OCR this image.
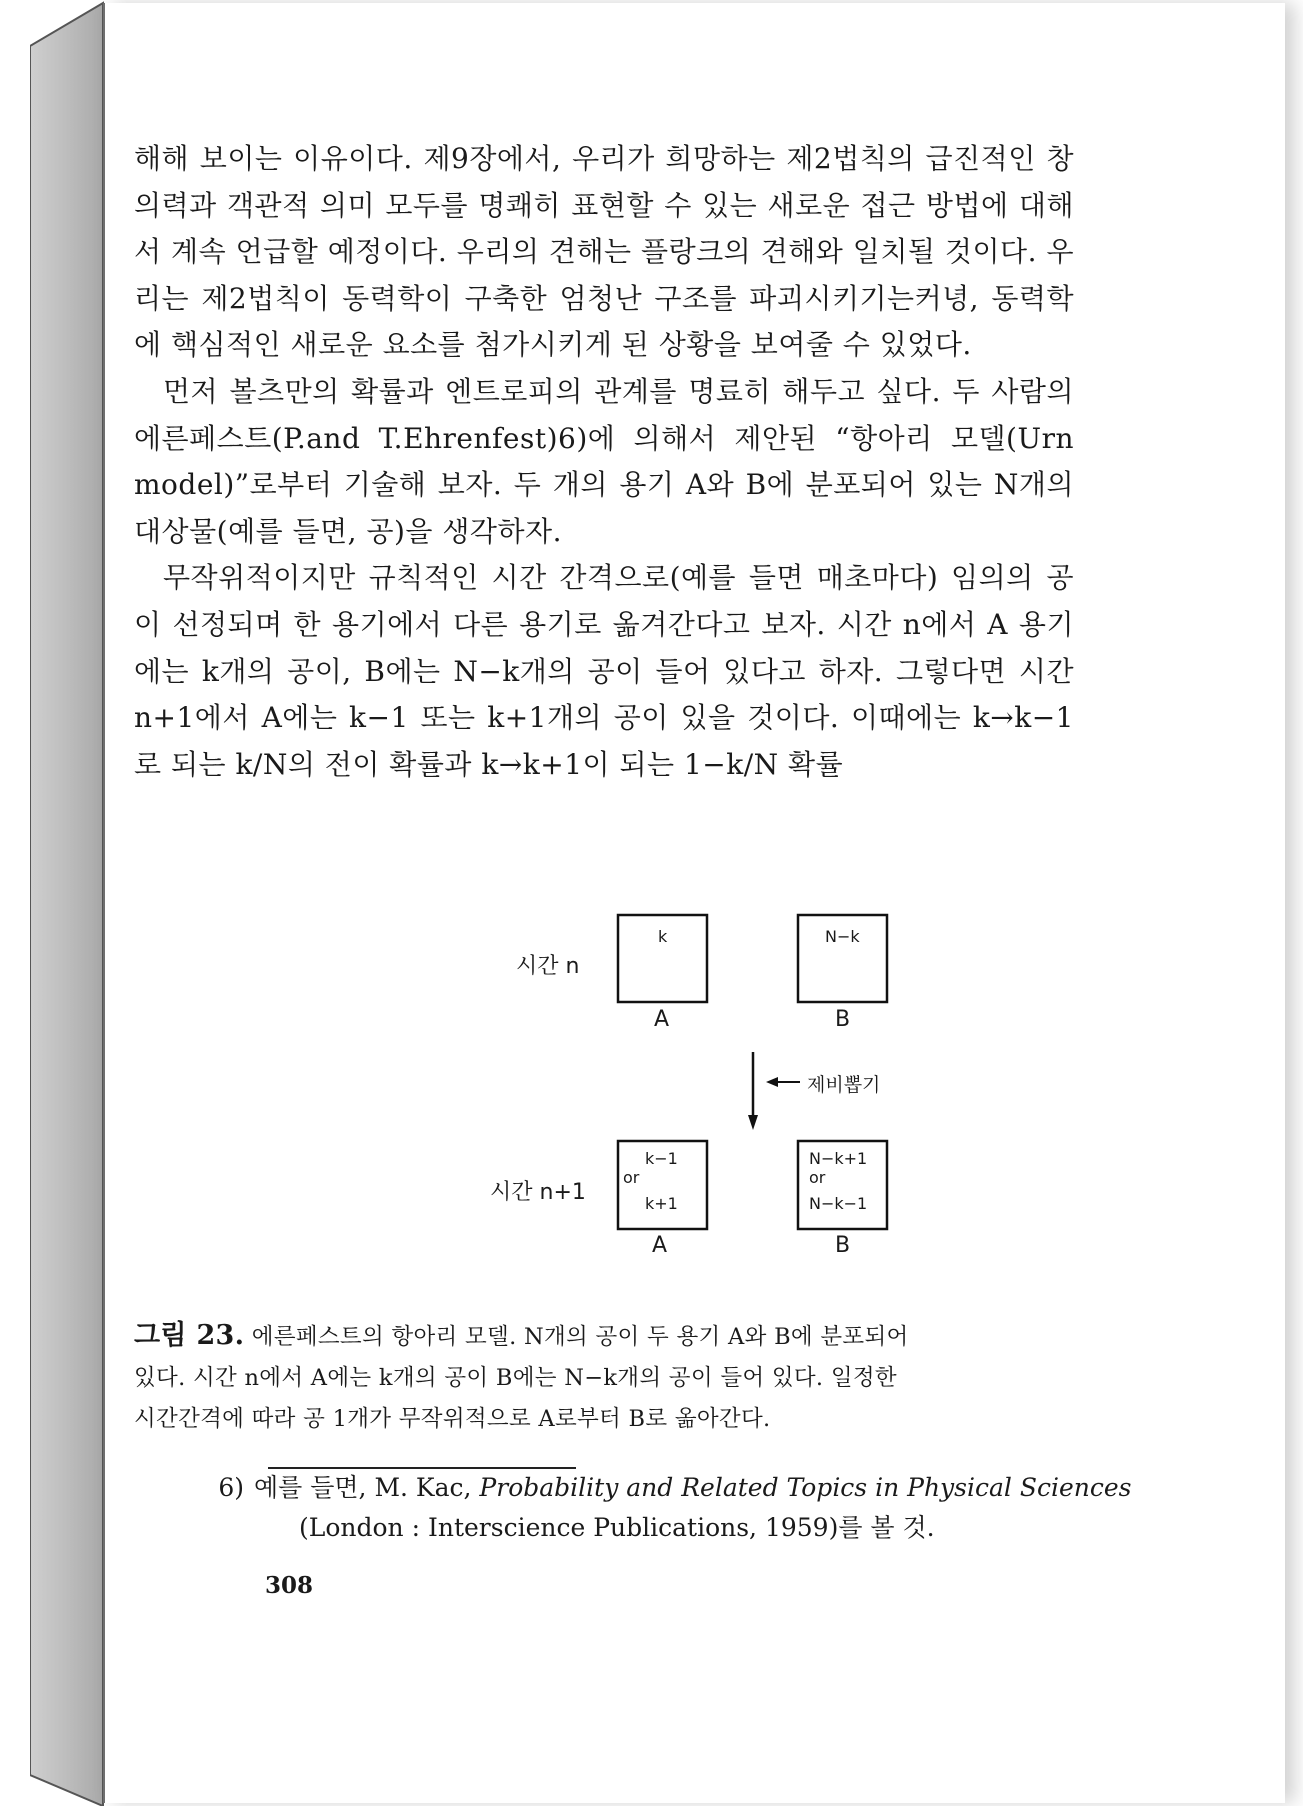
해해 보이는 이유이다. 제9장에서, 우리가 희망하는 제2법칙의 급진적인 창의력과 객관적 의미 모두를 명쾌히 표현할 수 있는 새로운 접근 방법에 대해서 계속 언급할 예정이다. 우리의 견해는 플랑크의 견해와 일치될 것이다. 우리는 제2법칙이 동력학이 구축한 엄청난 구조를 파괴시키기는커녕, 동력학에 핵심적인 새로운 요소를 첨가시키게 된 상황을 보여줄 수 있었다.

먼저 볼츠만의 확률과 엔트로피의 관계를 명료히 해두고 싶다. 두 사람의 에른페스트(P.and T.Ehrenfest)6)에 의해서 제안된 “항아리 모델(Urn model)”로부터 기술해 보자. 두 개의 용기 A와 B에 분포되어 있는 N개의 대상물(예를 들면, 공)을 생각하자.

무작위적이지만 규칙적인 시간 간격으로(예를 들면 매초마다) 임의의 공이 선정되며 한 용기에서 다른 용기로 옮겨간다고 보자. 시간 n에서 A 용기에는 k개의 공이, B에는 N−k개의 공이 들어 있다고 하자. 그렇다면 시간 n+1에서 A에는 k−1 또는 k+1개의 공이 있을 것이다. 이때에는 k→k−1로 되는 k/N의 전이 확률과 k→k+1이 되는 1−k/N 확률

시간 n
k	N−k
A	B
제비뽑기
시간 n+1
k−1
or
k+1
N−k+1
or
N−k−1
A	B

그림 23. 에른페스트의 항아리 모델. N개의 공이 두 용기 A와 B에 분포되어

있다. 시간 n에서 A에는 k개의 공이 B에는 N−k개의 공이 들어 있다. 일정한

시간간격에 따라 공 1개가 무작위적으로 A로부터 B로 옮아간다.

6) 예를 들면, M. Kac, Probability and Related Topics in Physical Sciences
(London : Interscience Publications, 1959)를 볼 것.
308
